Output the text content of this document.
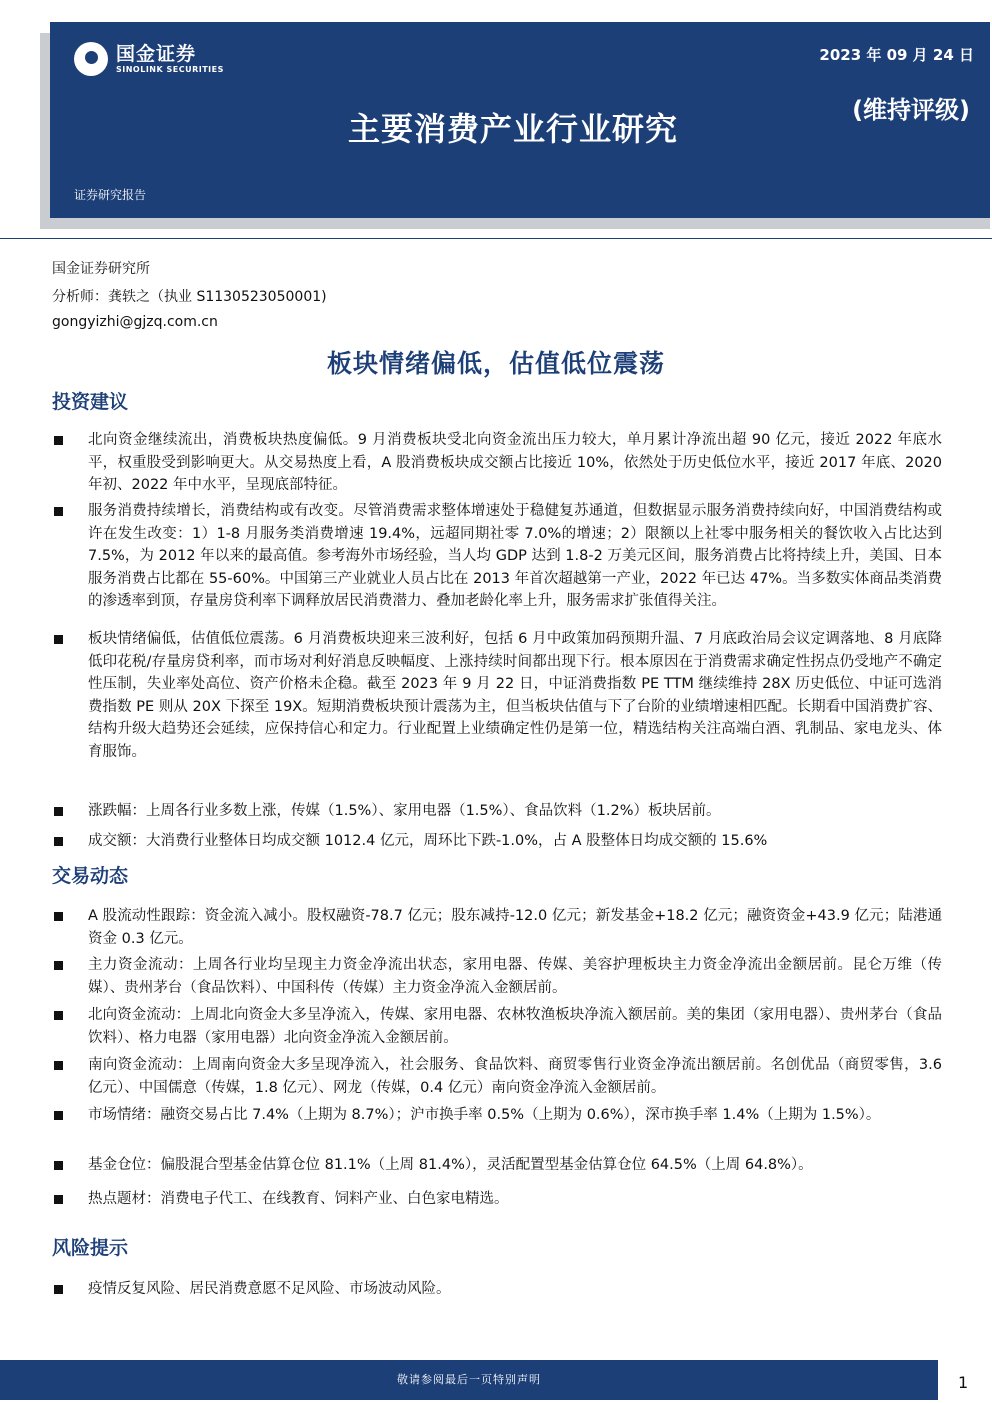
国金证券
SINOLINK SECURITIES
2023 年 09 月 24 日
主要消费产业行业研究	(维持评级)
证券研究报告
国金证券研究所
分析师：龚轶之（执业 S1130523050001)
gongyizhi@gjzq.com.cn
板块情绪偏低，估值低位震荡
投资建议
北向资金继续流出，消费板块热度偏低。9 月消费板块受北向资金流出压力较大，单月累计净流出超 90 亿元，接近 2022 年底水平，权重股受到影响更大。从交易热度上看，A 股消费板块成交额占比接近 10%，依然处于历史低位水平，接近 2017 年底、2020 年初、2022 年中水平，呈现底部特征。
服务消费持续增长，消费结构或有改变。尽管消费需求整体增速处于稳健复苏通道，但数据显示服务消费持续向好，中国消费结构或许在发生改变：1）1-8 月服务类消费增速 19.4%，远超同期社零 7.0%的增速；2）限额以上社零中服务相关的餐饮收入占比达到 7.5%，为 2012 年以来的最高值。参考海外市场经验，当人均 GDP 达到 1.8-2 万美元区间，服务消费占比将持续上升，美国、日本服务消费占比都在 55-60%。中国第三产业就业人员占比在 2013 年首次超越第一产业，2022 年已达 47%。当多数实体商品类消费的渗透率到顶，存量房贷利率下调释放居民消费潜力、叠加老龄化率上升，服务需求扩张值得关注。
板块情绪偏低，估值低位震荡。6 月消费板块迎来三波利好，包括 6 月中政策加码预期升温、7 月底政治局会议定调落地、8 月底降低印花税/存量房贷利率，而市场对利好消息反映幅度、上涨持续时间都出现下行。根本原因在于消费需求确定性拐点仍受地产不确定性压制，失业率处高位、资产价格未企稳。截至 2023 年 9 月 22 日，中证消费指数 PE TTM 继续维持 28X 历史低位、中证可选消费指数 PE 则从 20X 下探至 19X。短期消费板块预计震荡为主，但当板块估值与下了台阶的业绩增速相匹配。长期看中国消费扩容、结构升级大趋势还会延续，应保持信心和定力。行业配置上业绩确定性仍是第一位，精选结构关注高端白酒、乳制品、家电龙头、体育服饰。
涨跌幅：上周各行业多数上涨，传媒（1.5%）、家用电器（1.5%）、食品饮料（1.2%）板块居前。
成交额：大消费行业整体日均成交额 1012.4 亿元，周环比下跌-1.0%，占 A 股整体日均成交额的 15.6%
交易动态
A 股流动性跟踪：资金流入减小。股权融资-78.7 亿元；股东减持-12.0 亿元；新发基金+18.2 亿元；融资资金+43.9 亿元；陆港通资金 0.3 亿元。
主力资金流动：上周各行业均呈现主力资金净流出状态，家用电器、传媒、美容护理板块主力资金净流出金额居前。昆仑万维（传媒）、贵州茅台（食品饮料）、中国科传（传媒）主力资金净流入金额居前。
北向资金流动：上周北向资金大多呈净流入，传媒、家用电器、农林牧渔板块净流入额居前。美的集团（家用电器）、贵州茅台（食品饮料）、格力电器（家用电器）北向资金净流入金额居前。
南向资金流动：上周南向资金大多呈现净流入，社会服务、食品饮料、商贸零售行业资金净流出额居前。名创优品（商贸零售，3.6 亿元）、中国儒意（传媒，1.8 亿元）、网龙（传媒，0.4 亿元）南向资金净流入金额居前。
市场情绪：融资交易占比 7.4%（上期为 8.7%）；沪市换手率 0.5%（上期为 0.6%），深市换手率 1.4%（上期为 1.5%）。
基金仓位：偏股混合型基金估算仓位 81.1%（上周 81.4%），灵活配置型基金估算仓位 64.5%（上周 64.8%）。
热点题材：消费电子代工、在线教育、饲料产业、白色家电精选。
风险提示
疫情反复风险、居民消费意愿不足风险、市场波动风险。
敬请参阅最后一页特别声明	1
